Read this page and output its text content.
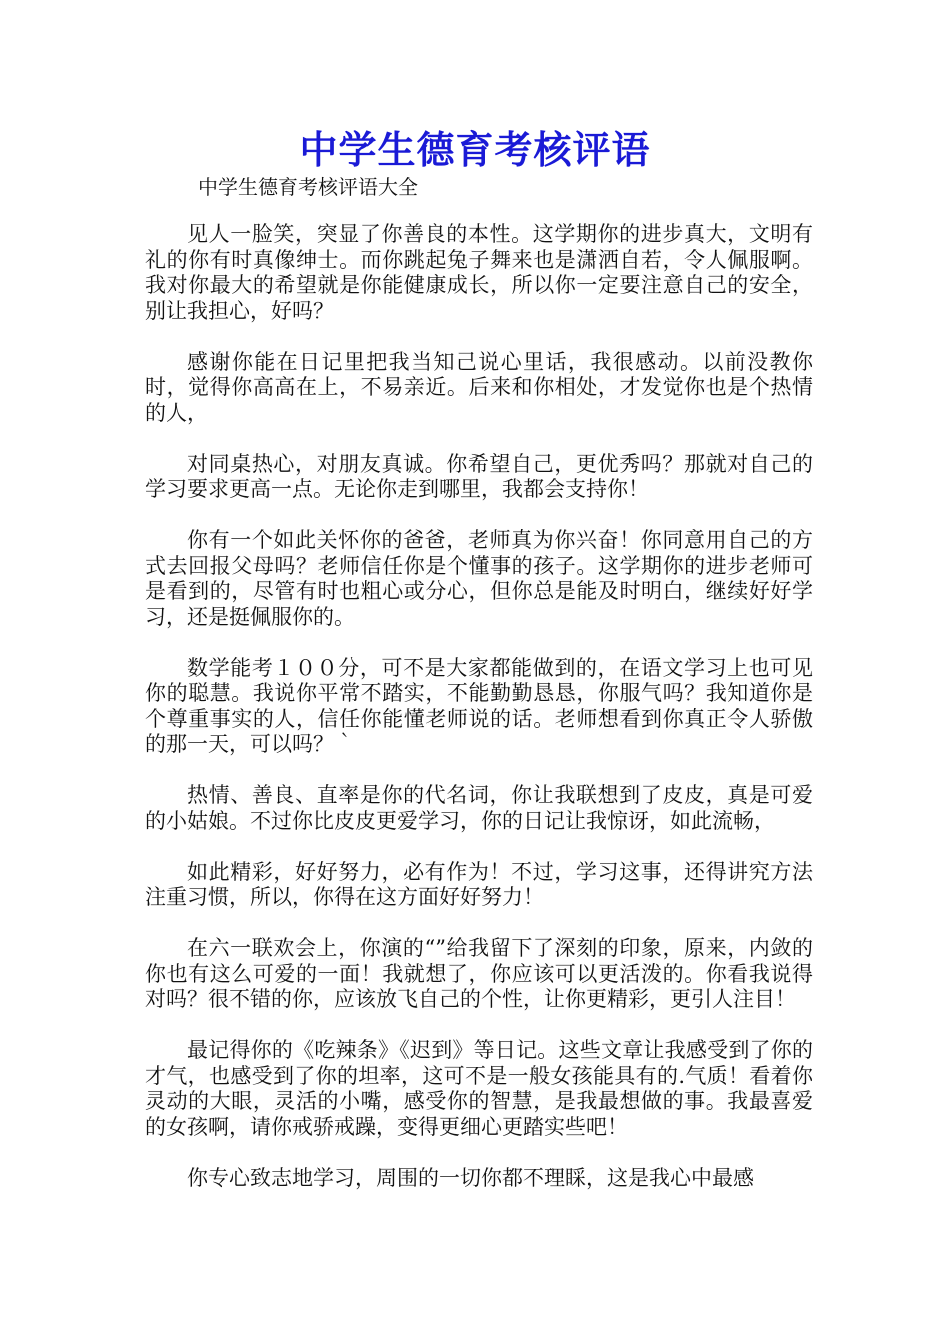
中学生德育考核评语

中学生德育考核评语大全

见人一脸笑，突显了你善良的本性。这学期你的进步真大，文明有礼的你有时真像绅士。而你跳起兔子舞来也是潇洒自若，令人佩服啊。我对你最大的希望就是你能健康成长，所以你一定要注意自己的安全，别让我担心，好吗？

感谢你能在日记里把我当知己说心里话，我很感动。以前没教你时，觉得你高高在上，不易亲近。后来和你相处，才发觉你也是个热情的人，

对同桌热心，对朋友真诚。你希望自己，更优秀吗？那就对自己的学习要求更高一点。无论你走到哪里，我都会支持你！

你有一个如此关怀你的爸爸，老师真为你兴奋！你同意用自己的方式去回报父母吗？老师信任你是个懂事的孩子。这学期你的进步老师可是看到的，尽管有时也粗心或分心，但你总是能及时明白，继续好好学习，还是挺佩服你的。

数学能考１００分，可不是大家都能做到的，在语文学习上也可见你的聪慧。我说你平常不踏实，不能勤勤恳恳，你服气吗？我知道你是个尊重事实的人，信任你能懂老师说的话。老师想看到你真正令人骄傲的那一天，可以吗？｀

热情、善良、直率是你的代名词，你让我联想到了皮皮，真是可爱的小姑娘。不过你比皮皮更爱学习，你的日记让我惊讶，如此流畅，

如此精彩，好好努力，必有作为！不过，学习这事，还得讲究方法注重习惯，所以，你得在这方面好好努力！

在六一联欢会上，你演的“”给我留下了深刻的印象，原来，内敛的你也有这么可爱的一面！我就想了，你应该可以更活泼的。你看我说得对吗？很不错的你，应该放飞自己的个性，让你更精彩，更引人注目！

最记得你的《吃辣条》《迟到》等日记。这些文章让我感受到了你的才气，也感受到了你的坦率，这可不是一般女孩能具有的.气质！看着你灵动的大眼，灵活的小嘴，感受你的智慧，是我最想做的事。我最喜爱的女孩啊，请你戒骄戒躁，变得更细心更踏实些吧！

你专心致志地学习，周围的一切你都不理睬，这是我心中最感
